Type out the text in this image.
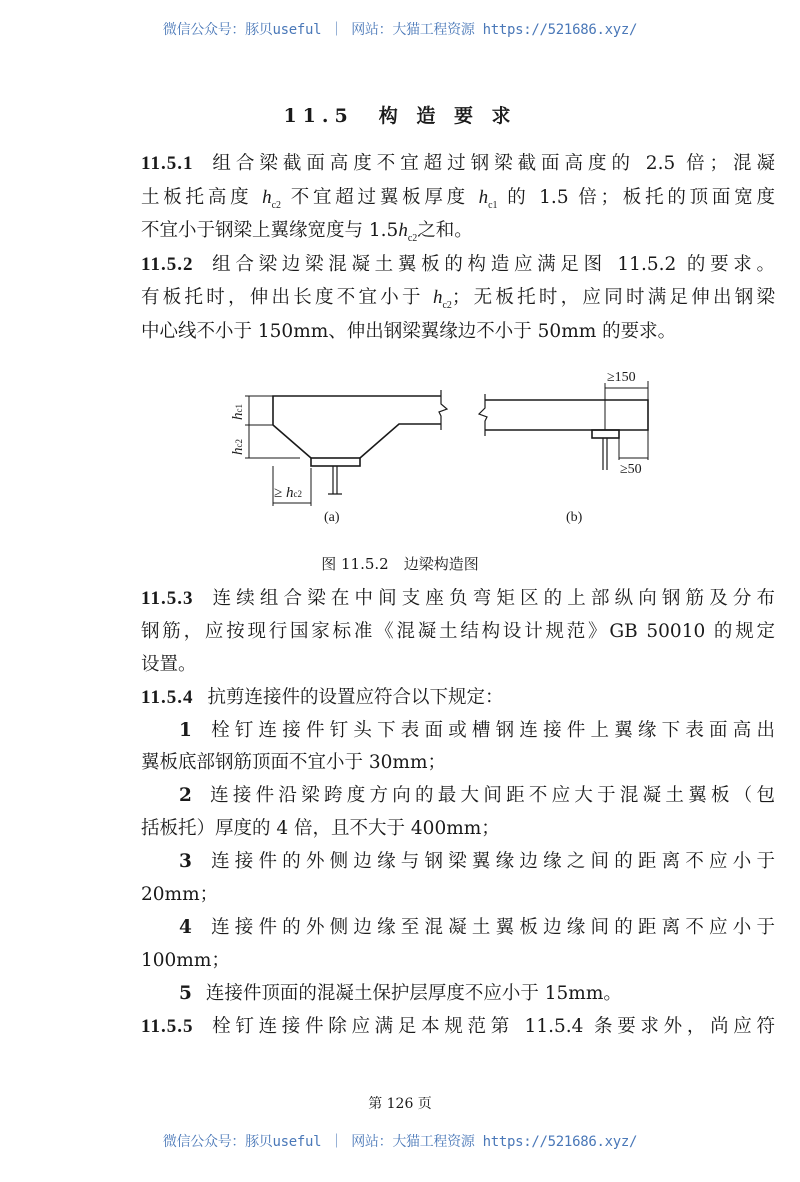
微信公众号：豚贝useful ｜ 网站：大猫工程资源 https://521686.xyz/
11.5　构 造 要 求
11.5.1 组合梁截面高度不宜超过钢梁截面高度的 2.5 倍；混凝
土板托高度 $h_{c2}$ 不宜超过翼板厚度 $h_{c1}$ 的 1.5 倍；板托的顶面宽度
不宜小于钢梁上翼缘宽度与 $1.5h_{c2}$之和。
11.5.2 组合梁边梁混凝土翼板的构造应满足图 11.5.2 的要求。
有板托时，伸出长度不宜小于 $h_{c2}$；无板托时，应同时满足伸出钢梁
中心线不小于 150mm、伸出钢梁翼缘边不小于 50mm 的要求。
hc1
hc2
≥ hc2
(a)	(b)
≥150
≥50
图 11.5.2　边梁构造图
11.5.3 连续组合梁在中间支座负弯矩区的上部纵向钢筋及分布
钢筋，应按现行国家标准《混凝土结构设计规范》GB 50010 的规定
设置。
11.5.4 抗剪连接件的设置应符合以下规定：
1 栓钉连接件钉头下表面或槽钢连接件上翼缘下表面高出
翼板底部钢筋顶面不宜小于 30mm；
2 连接件沿梁跨度方向的最大间距不应大于混凝土翼板（包
括板托）厚度的 4 倍，且不大于 400mm；
3 连接件的外侧边缘与钢梁翼缘边缘之间的距离不应小于
20mm；
4 连接件的外侧边缘至混凝土翼板边缘间的距离不应小于
100mm；
5 连接件顶面的混凝土保护层厚度不应小于 15mm。
11.5.5 栓钉连接件除应满足本规范第 11.5.4 条要求外，尚应符
第 126 页
微信公众号：豚贝useful ｜ 网站：大猫工程资源 https://521686.xyz/
